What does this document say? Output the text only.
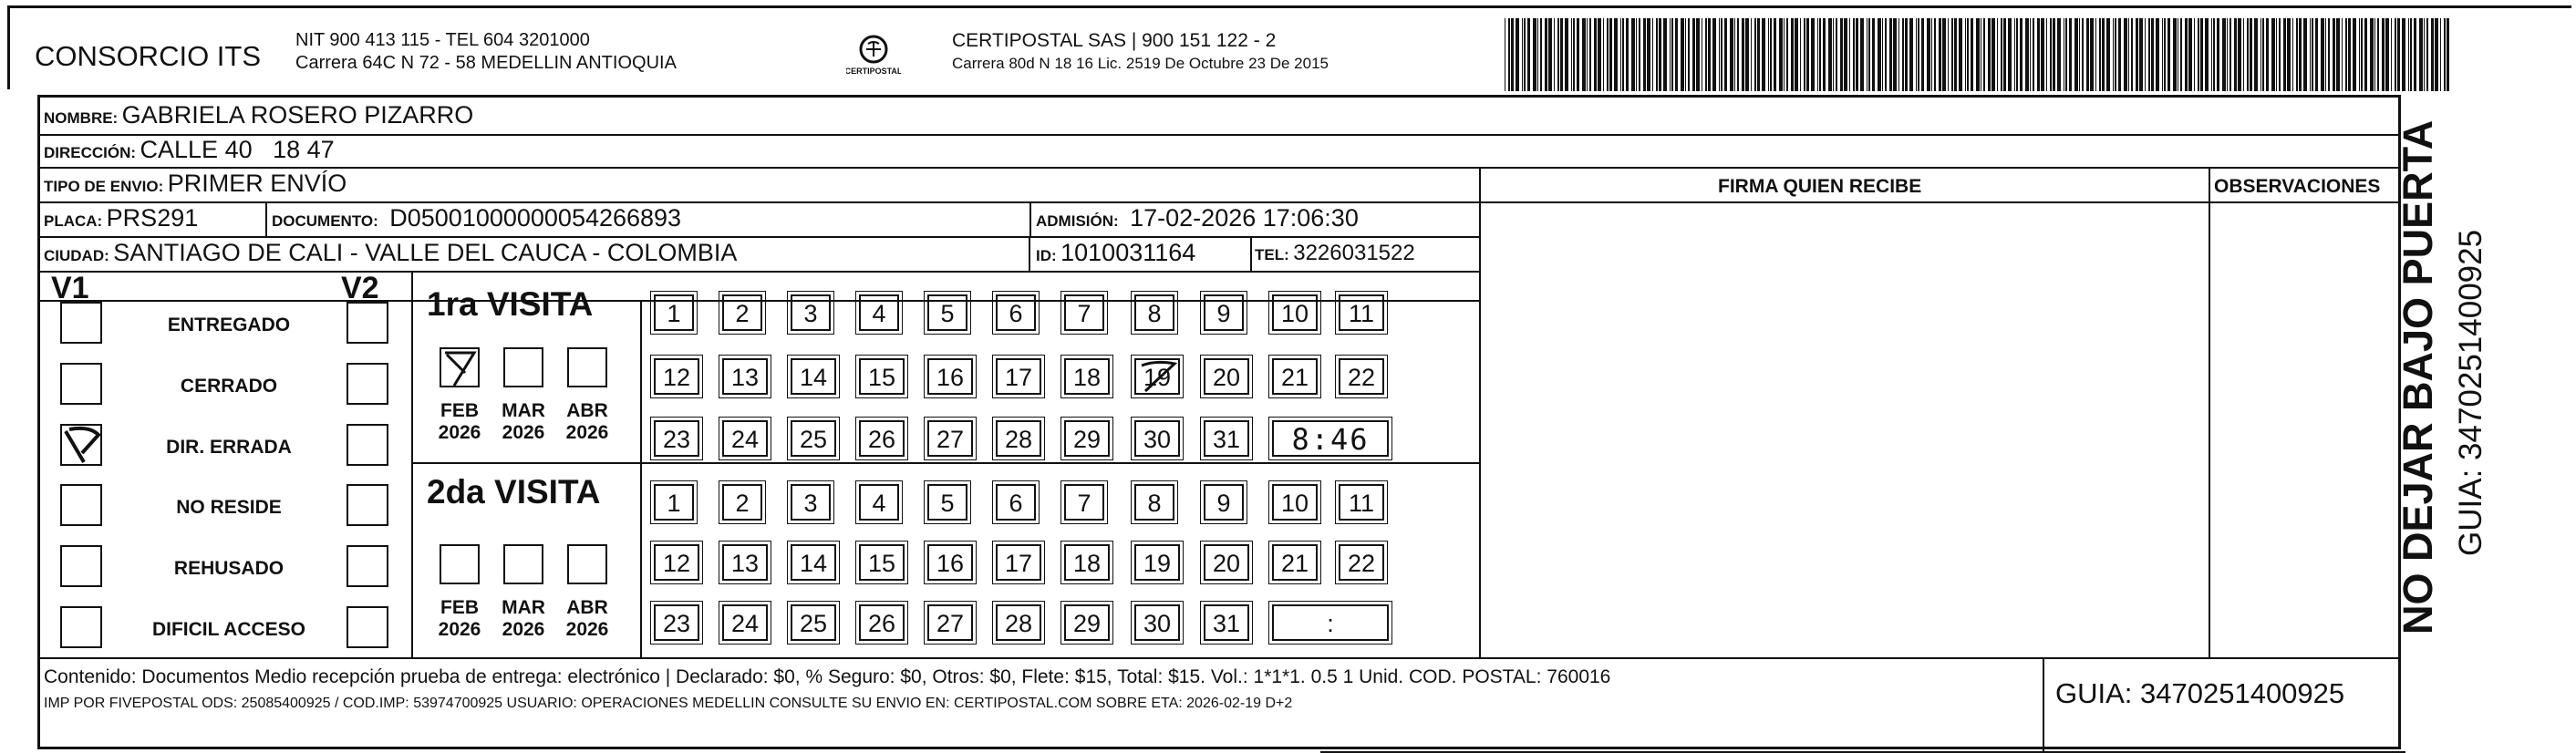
CONSORCIO ITS NIT 900 413 115 - TEL 604 3201000
Carrera 64C N 72 - 58 MEDELLIN ANTIOQUIA	CERTIPOSTAL
CERTIPOSTAL SAS | 900 151 122 - 2
Carrera 80d N 18 16 Lic. 2519 De Octubre 23 De 2015
NOMBRE: GABRIELA ROSERO PIZARRO
DIRECCIÓN: CALLE 40   18 47
TIPO DE ENVIO: PRIMER ENVÍO	FIRMA QUIEN RECIBE	OBSERVACIONES
PLACA: PRS291	DOCUMENTO: D05001000000054266893	ADMISIÓN: 17-02-2026 17:06:30
CIUDAD: SANTIAGO DE CALI - VALLE DEL CAUCA - COLOMBIA	ID: 1010031164	TEL: 3226031522
V1	V2
ENTREGADO
CERRADO
DIR. ERRADA
NO RESIDE
REHUSADO
DIFICIL ACCESO
1ra VISITA
2da VISITA
FEB
2026
MAR
2026
ABR
2026
1	2	3	4	5	6	7	8	9	10	11
12	13	14	15	16	17	18	19	20	21	22
23	24	25	26	27	28	29	30	31	8:46
FEB
2026
MAR
2026
ABR
2026
1	2	3	4	5	6	7	8	9	10	11
12	13	14	15	16	17	18	19	20	21	22
23	24	25	26	27	28	29	30	31	:
Contenido: Documentos Medio recepción prueba de entrega: electrónico | Declarado: $0, % Seguro: $0, Otros: $0, Flete: $15, Total: $15. Vol.: 1*1*1. 0.5 1 Unid. COD. POSTAL: 760016
IMP POR FIVEPOSTAL ODS: 25085400925 / COD.IMP: 53974700925 USUARIO: OPERACIONES MEDELLIN CONSULTE SU ENVIO EN: CERTIPOSTAL.COM SOBRE ETA: 2026-02-19 D+2	GUIA: 3470251400925
NO DEJAR BAJO PUERTA GUIA: 3470251400925
